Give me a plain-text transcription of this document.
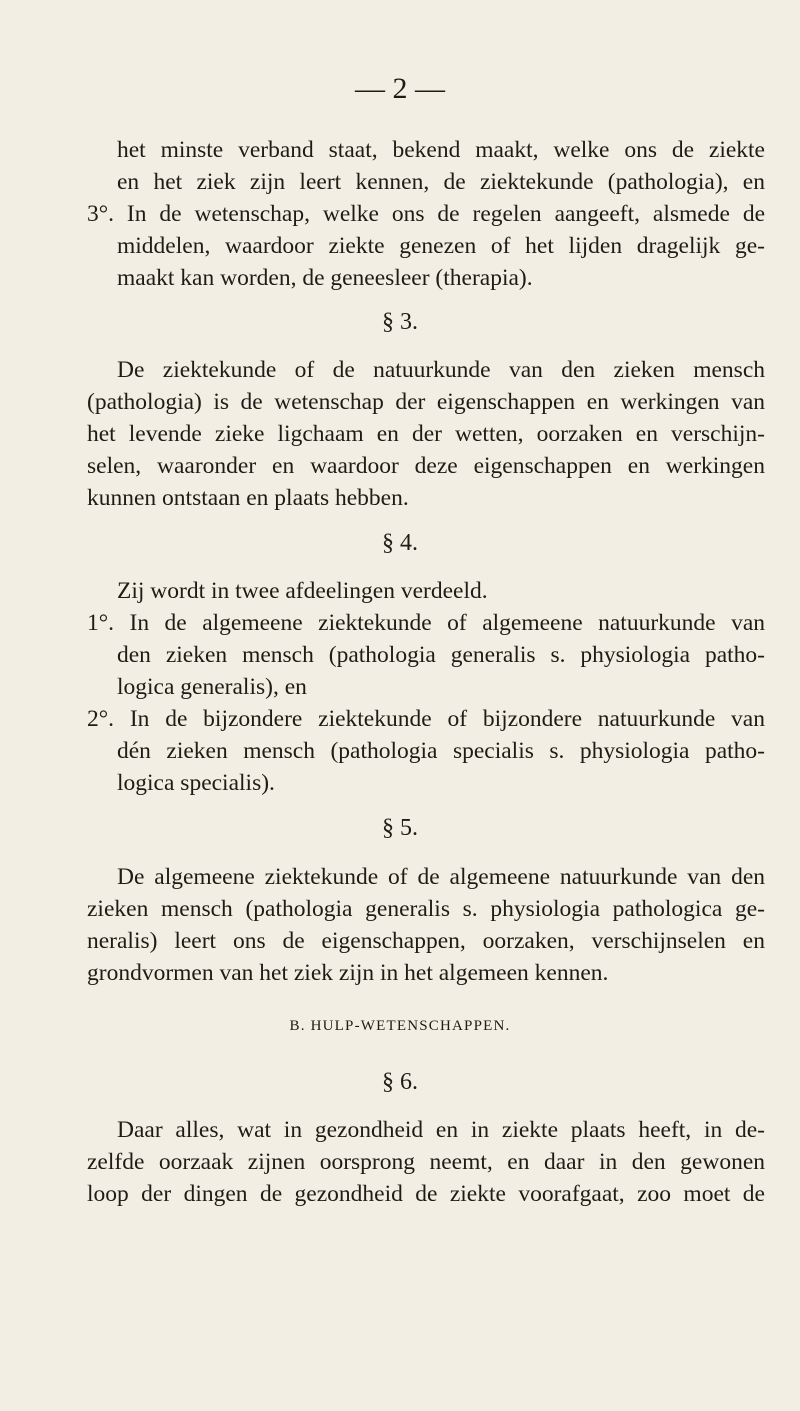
— 2 —
het minste verband staat, bekend maakt, welke ons de ziekte
en het ziek zijn leert kennen, de ziektekunde (pathologia), en
3°. In de wetenschap, welke ons de regelen aangeeft, alsmede de
middelen, waardoor ziekte genezen of het lijden dragelijk ge-
maakt kan worden, de geneesleer (therapia).
§ 3.
De ziektekunde of de natuurkunde van den zieken mensch
(pathologia) is de wetenschap der eigenschappen en werkingen van
het levende zieke ligchaam en der wetten, oorzaken en verschijn-
selen, waaronder en waardoor deze eigenschappen en werkingen
kunnen ontstaan en plaats hebben.
§ 4.
Zij wordt in twee afdeelingen verdeeld.
1°. In de algemeene ziektekunde of algemeene natuurkunde van
den zieken mensch (pathologia generalis s. physiologia patho-
logica generalis), en
2°. In de bijzondere ziektekunde of bijzondere natuurkunde van
dén zieken mensch (pathologia specialis s. physiologia patho-
logica specialis).
§ 5.
De algemeene ziektekunde of de algemeene natuurkunde van den
zieken mensch (pathologia generalis s. physiologia pathologica ge-
neralis) leert ons de eigenschappen, oorzaken, verschijnselen en
grondvormen van het ziek zijn in het algemeen kennen.
B. HULP-WETENSCHAPPEN.
§ 6.
Daar alles, wat in gezondheid en in ziekte plaats heeft, in de-
zelfde oorzaak zijnen oorsprong neemt, en daar in den gewonen
loop der dingen de gezondheid de ziekte voorafgaat, zoo moet de
